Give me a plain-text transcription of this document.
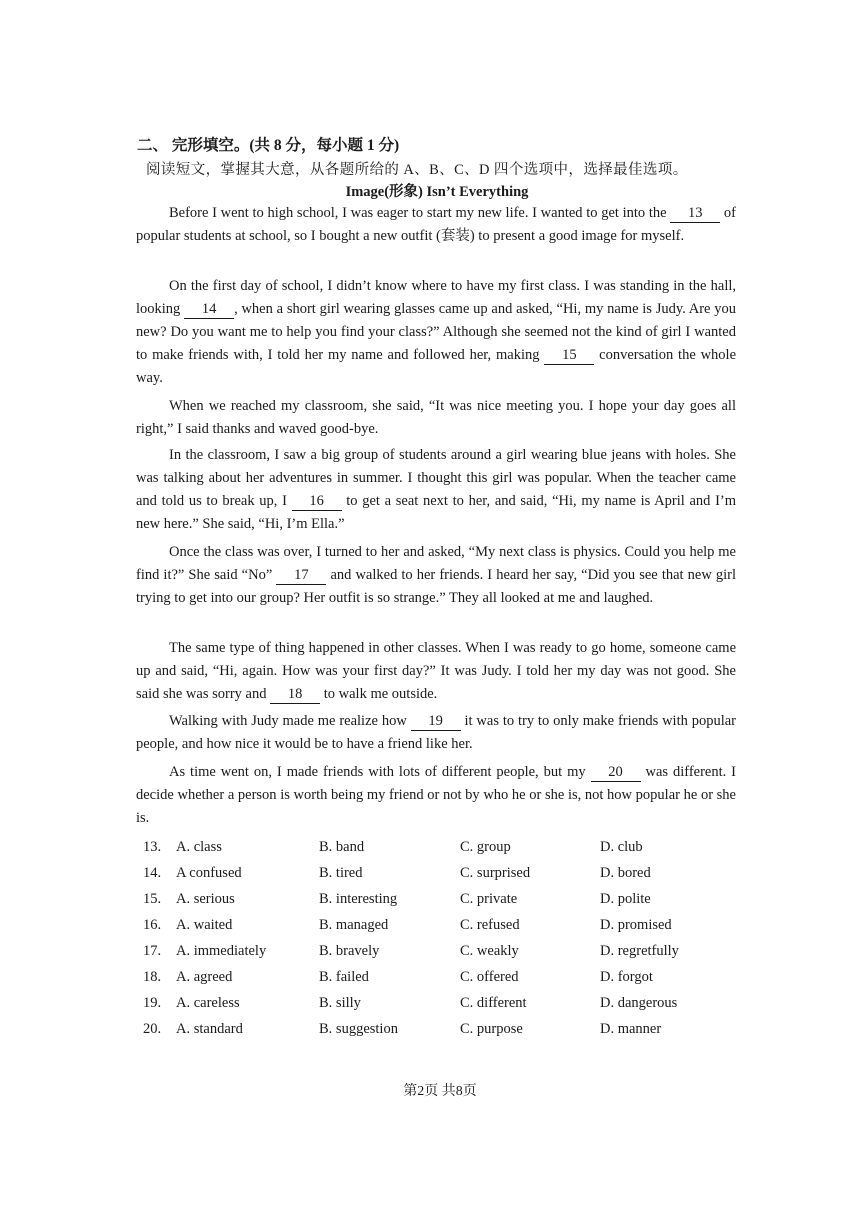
二、 完形填空。(共 8 分，每小题 1 分)
阅读短文，掌握其大意，从各题所给的 A、B、C、D 四个选项中，选择最佳选项。
Image(形象) Isn’t Everything
Before I went to high school, I was eager to start my new life. I wanted to get into the 13 of popular students at school, so I bought a new outfit (套装) to present a good image for myself.
On the first day of school, I didn’t know where to have my first class. I was standing in the hall, looking 14 , when a short girl wearing glasses came up and asked, “Hi, my name is Judy. Are you new? Do you want me to help you find your class?” Although she seemed not the kind of girl I wanted to make friends with, I told her my name and followed her, making 15 conversation the whole way.
When we reached my classroom, she said, “It was nice meeting you. I hope your day goes all right,” I said thanks and waved good-bye.
In the classroom, I saw a big group of students around a girl wearing blue jeans with holes. She was talking about her adventures in summer. I thought this girl was popular. When the teacher came and told us to break up, I 16 to get a seat next to her, and said, “Hi, my name is April and I’m new here.” She said, “Hi, I’m Ella.”
Once the class was over, I turned to her and asked, “My next class is physics. Could you help me find it?” She said “No” 17 and walked to her friends. I heard her say, “Did you see that new girl trying to get into our group? Her outfit is so strange.” They all looked at me and laughed.
The same type of thing happened in other classes. When I was ready to go home, someone came up and said, “Hi, again. How was your first day?” It was Judy. I told her my day was not good. She said she was sorry and 18 to walk me outside.
Walking with Judy made me realize how 19 it was to try to only make friends with popular people, and how nice it would be to have a friend like her.
As time went on, I made friends with lots of different people, but my 20 was different. I decide whether a person is worth being my friend or not by who he or she is, not how popular he or she is.
13. A. class	B. band	C. group	D. club
14. A confused	B. tired	C. surprised	D. bored
15. A. serious	B. interesting	C. private	D. polite
16. A. waited	B. managed	C. refused	D. promised
17. A. immediately	B. bravely	C. weakly	D. regretfully
18. A. agreed	B. failed	C. offered	D. forgot
19. A. careless	B. silly	C. different	D. dangerous
20. A. standard	B. suggestion	C. purpose	D. manner
第2页 共8页
